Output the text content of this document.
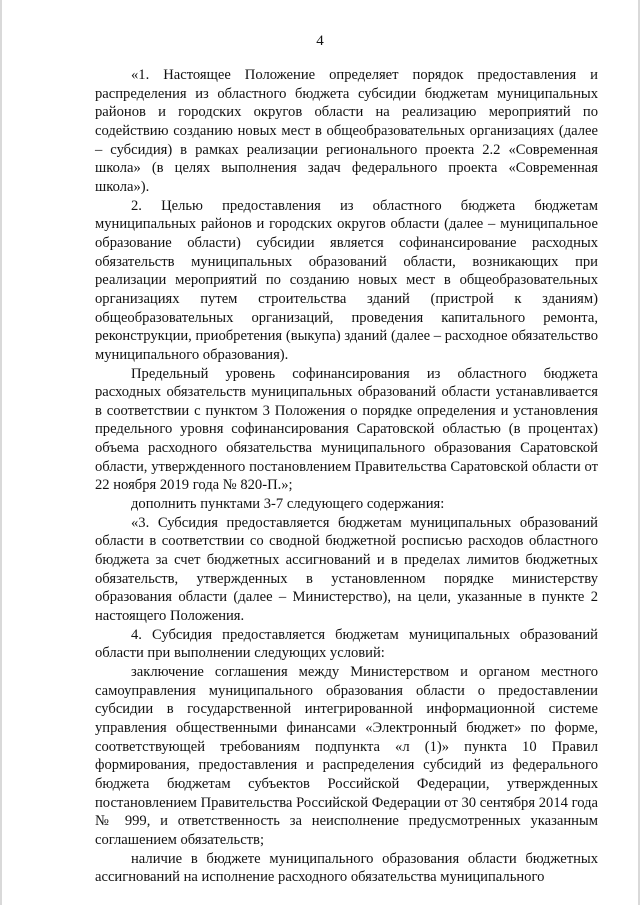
4

«1. Настоящее Положение определяет порядок предоставления и распределения из областного бюджета субсидии бюджетам муниципальных районов и городских округов области на реализацию мероприятий по содействию созданию новых мест в общеобразовательных организациях (далее – субсидия) в рамках реализации регионального проекта 2.2 «Современная школа» (в целях выполнения задач федерального проекта «Современная школа»).

2. Целью предоставления из областного бюджета бюджетам муниципальных районов и городских округов области (далее – муниципальное образование области) субсидии является софинансирование расходных обязательств муниципальных образований области, возникающих при реализации мероприятий по созданию новых мест в общеобразовательных организациях путем строительства зданий (пристрой к зданиям) общеобразовательных организаций, проведения капитального ремонта, реконструкции, приобретения (выкупа) зданий (далее – расходное обязательство муниципального образования).

Предельный уровень софинансирования из областного бюджета расходных обязательств муниципальных образований области устанавливается в соответствии с пунктом 3 Положения о порядке определения и установления предельного уровня софинансирования Саратовской областью (в процентах) объема расходного обязательства муниципального образования Саратовской области, утвержденного постановлением Правительства Саратовской области от 22 ноября 2019 года № 820-П.»;

дополнить пунктами 3-7 следующего содержания:

«3. Субсидия предоставляется бюджетам муниципальных образований области в соответствии со сводной бюджетной росписью расходов областного бюджета за счет бюджетных ассигнований и в пределах лимитов бюджетных обязательств, утвержденных в установленном порядке министерству образования области (далее – Министерство), на цели, указанные в пункте 2 настоящего Положения.

4. Субсидия предоставляется бюджетам муниципальных образований области при выполнении следующих условий:

заключение соглашения между Министерством и органом местного самоуправления муниципального образования области о предоставлении субсидии в государственной интегрированной информационной системе управления общественными финансами «Электронный бюджет» по форме, соответствующей требованиям подпункта «л (1)» пункта 10 Правил формирования, предоставления и распределения субсидий из федерального бюджета бюджетам субъектов Российской Федерации, утвержденных постановлением Правительства Российской Федерации от 30 сентября 2014 года № 999, и ответственность за неисполнение предусмотренных указанным соглашением обязательств;

наличие в бюджете муниципального образования области бюджетных ассигнований на исполнение расходного обязательства муниципального
